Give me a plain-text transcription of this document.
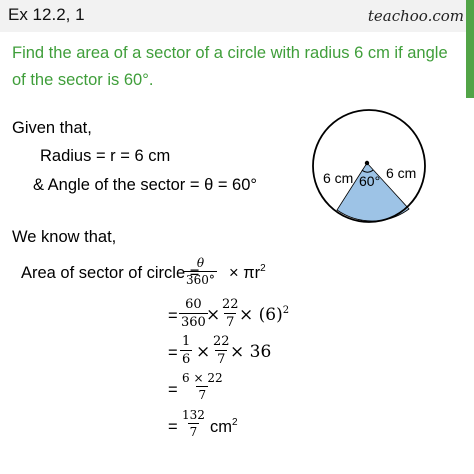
Ex 12.2, 1	teachoo.com
Find the area of a sector of a circle with radius 6 cm if angle of the sector is 60°.
Given that,
Radius = r = 6 cm
& Angle of the sector = θ = 60°	6 cm 6 cm
60°
We know that,
Area of sector of circle =
$\frac{\theta}{360^\circ} \times \pi r^2$
= $\frac{60}{360}$
× $\frac{22}{7}$
× $(6)^2$
= $\frac{1}{6} \times \frac{22}{7}$
× 36
= $\frac{6 \times 22}{7}$
= $\frac{132}{7} cm^2$
